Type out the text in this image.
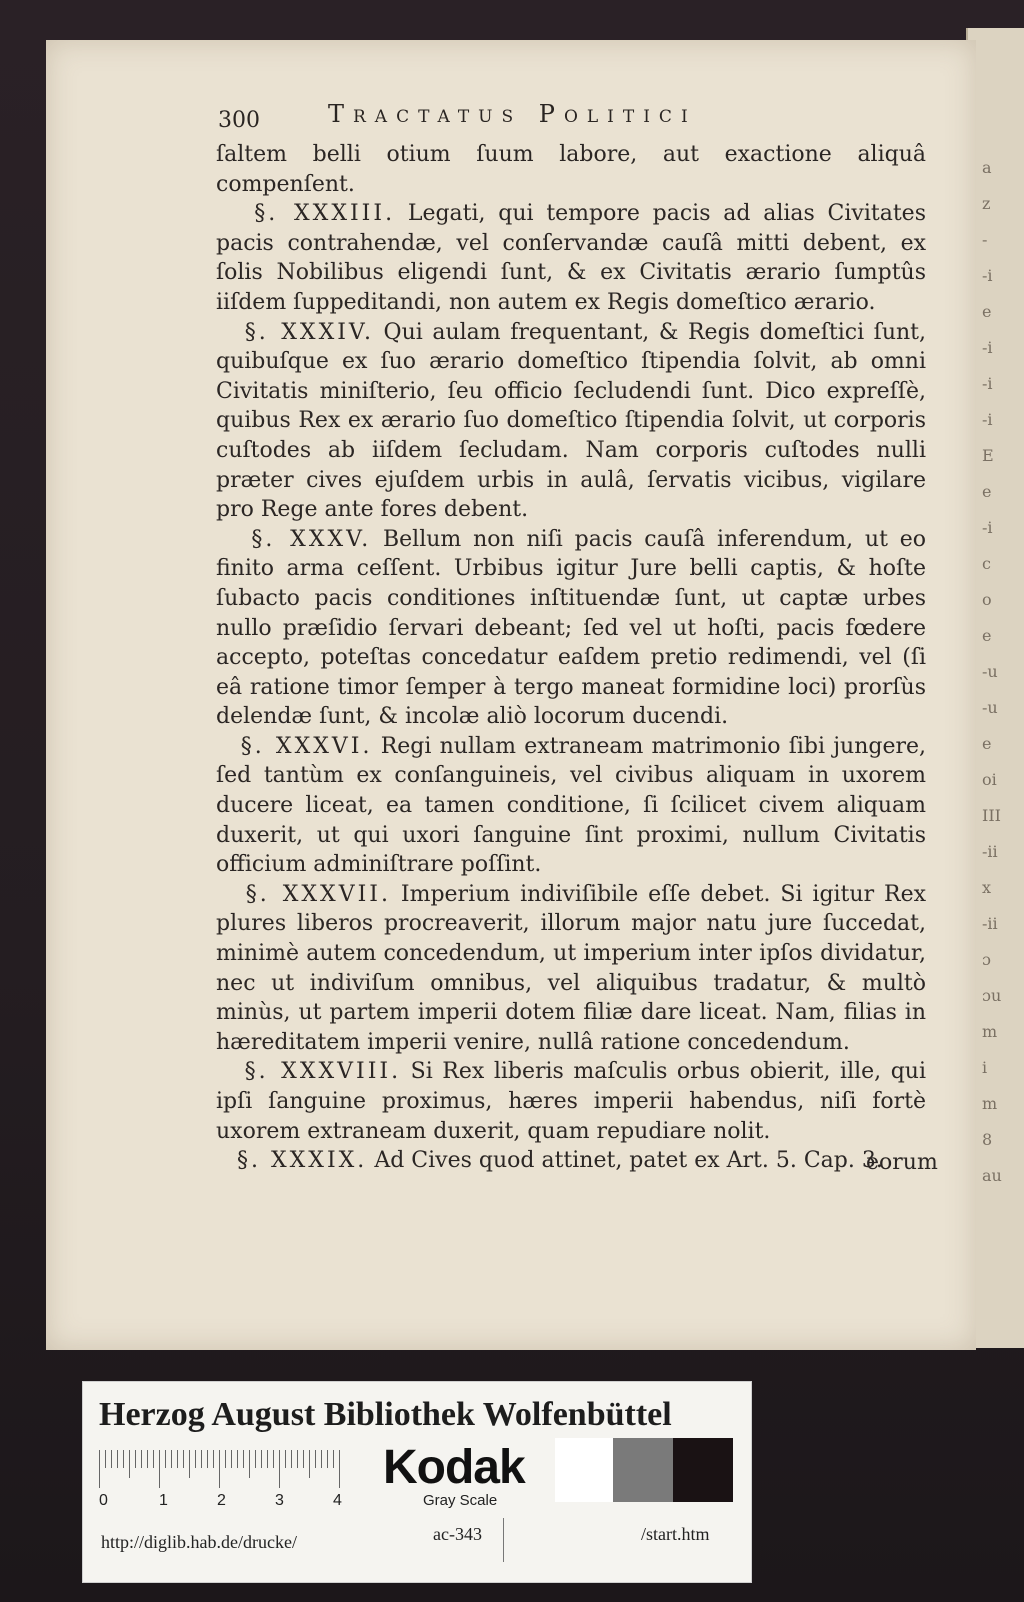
a
z
-
-i
e
-i
-i
-i
E
e
-i
c
o
e
-u
-u
e
oi
III
-ii
x
-ii
ɔ
ɔu
m
i
m
8
au
300	Tractatus Politici

ſaltem belli otium ſuum labore, aut exactione aliquâ compenſent.

§. XXXIII. Legati, qui tempore pacis ad alias Civitates pacis contrahendæ, vel conſervandæ cauſâ mitti debent, ex ſolis Nobilibus eligendi ſunt, & ex Civitatis ærario ſumptûs iiſdem ſuppeditandi, non autem ex Regis domeſtico ærario.

§. XXXIV. Qui aulam frequentant, & Regis domeſtici ſunt, quibuſque ex ſuo ærario domeſtico ſtipendia ſolvit, ab omni Civitatis miniſterio, ſeu officio ſecludendi ſunt. Dico expreſſè, quibus Rex ex ærario ſuo domeſtico ſtipendia ſolvit, ut corporis cuſtodes ab iiſdem ſecludam. Nam corporis cuſtodes nulli præter cives ejuſdem urbis in aulâ, ſervatis vicibus, vigilare pro Rege ante fores debent.

§. XXXV. Bellum non niſi pacis cauſâ inferendum, ut eo finito arma ceſſent. Urbibus igitur Jure belli captis, & hoſte ſubacto pacis conditiones inſtituendæ ſunt, ut captæ urbes nullo præſidio ſervari debeant; ſed vel ut hoſti, pacis fœdere accepto, poteſtas concedatur eaſdem pretio redimendi, vel (ſi eâ ratione timor ſemper à tergo maneat formidine loci) prorſùs delendæ ſunt, & incolæ aliò locorum ducendi.

§. XXXVI. Regi nullam extraneam matrimonio ſibi jungere, ſed tantùm ex conſanguineis, vel civibus aliquam in uxorem ducere liceat, ea tamen conditione, ſi ſcilicet civem aliquam duxerit, ut qui uxori ſanguine ſint proximi, nullum Civitatis officium adminiſtrare poſſint.

§. XXXVII. Imperium indiviſibile eſſe debet. Si igitur Rex plures liberos procreaverit, illorum major natu jure ſuccedat, minimè autem concedendum, ut imperium inter ipſos dividatur, nec ut indiviſum omnibus, vel aliquibus tradatur, & multò minùs, ut partem imperii dotem filiæ dare liceat. Nam, filias in hæreditatem imperii venire, nullâ ratione concedendum.

§. XXXVIII. Si Rex liberis maſculis orbus obierit, ille, qui ipſi ſanguine proximus, hæres imperii habendus, niſi fortè uxorem extraneam duxerit, quam repudiare nolit.

§. XXXIX. Ad Cives quod attinet, patet ex Art. 5. Cap. 3.

eorum
Herzog August Bibliothek Wolfenbüttel
0	1	2	3	4
Kodak
Gray Scale
http://diglib.hab.de/drucke/	ac-343	/start.htm
